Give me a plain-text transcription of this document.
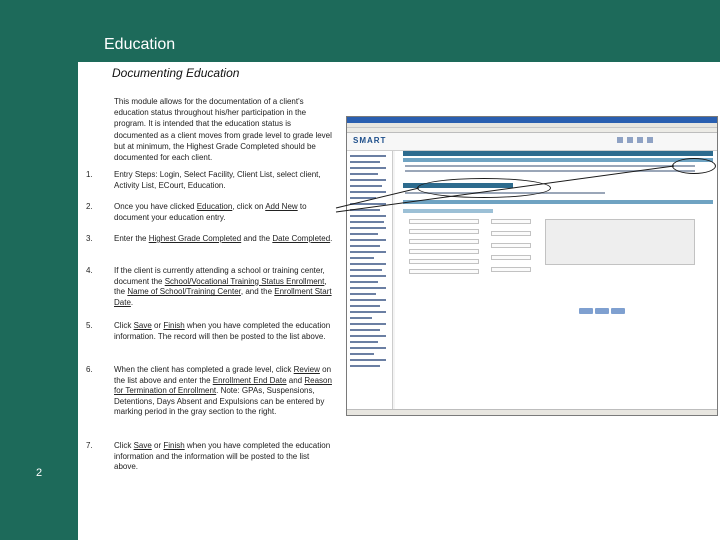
Education
2
Documenting Education
This module allows for the documentation of a client's education status throughout his/her participation in the program. It is intended that the education status is documented as a client moves from grade level to grade level but at minimum, the Highest Grade Completed should be documented for each client.
1.	Entry Steps: Login, Select Facility, Client List, select client, Activity List, ECourt, Education.
2.	Once you have clicked Education, click on Add New to document your education entry.
3.	Enter the Highest Grade Completed and the Date Completed.
4.	If the client is currently attending a school or training center, document the School/Vocational Training Status Enrollment, the Name of School/Training Center, and the Enrollment Start Date.
5.	Click Save or Finish when you have completed the education information. The record will then be posted to the list above.
6.	When the client has completed a grade level, click Review on the list above and enter the Enrollment End Date and Reason for Termination of Enrollment. Note: GPAs, Suspensions, Detentions, Days Absent and Expulsions can be entered by marking period in the gray section to the right.
7.	Click Save or Finish when you have completed the education information and the information will be posted to the list above.
SMART
